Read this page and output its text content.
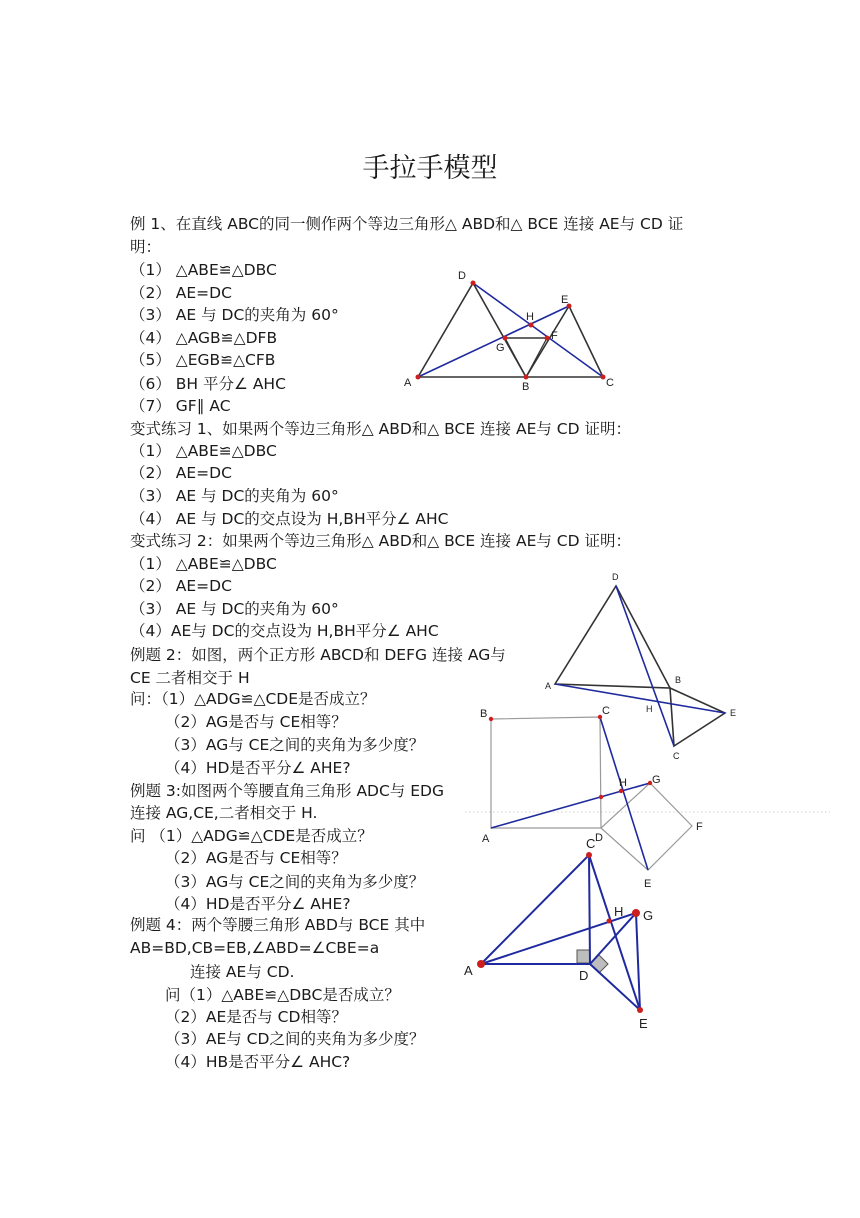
手拉手模型
例 1、在直线 ABC的同一侧作两个等边三角形△ ABD和△ BCE 连接 AE与 CD 证
明：
（1） △ABE≌△DBC
（2） AE=DC
（3） AE 与 DC的夹角为 60°
（4） △AGB≌△DFB
（5） △EGB≌△CFB
（6） BH 平分∠ AHC
（7） GF∥ AC
变式练习 1、如果两个等边三角形△ ABD和△ BCE 连接 AE与 CD 证明：
（1） △ABE≌△DBC
（2） AE=DC
（3） AE 与 DC的夹角为 60°
（4） AE 与 DC的交点设为 H,BH平分∠ AHC
变式练习 2：如果两个等边三角形△ ABD和△ BCE 连接 AE与 CD 证明：
（1） △ABE≌△DBC
（2） AE=DC
（3） AE 与 DC的夹角为 60°
（4）AE与 DC的交点设为 H,BH平分∠ AHC
例题 2：如图，两个正方形 ABCD和 DEFG 连接 AG与
CE 二者相交于 H
问：（1）△ADG≌△CDE是否成立？
（2）AG是否与 CE相等？
（3）AG与 CE之间的夹角为多少度？
（4）HD是否平分∠ AHE?
例题 3:如图两个等腰直角三角形 ADC与 EDG
连接 AG,CE,二者相交于 H.
问 （1）△ADG≌△CDE是否成立？
（2）AG是否与 CE相等？
（3）AG与 CE之间的夹角为多少度？
（4）HD是否平分∠ AHE?
例题 4：两个等腰三角形 ABD与 BCE 其中
AB=BD,CB=EB,∠ABD=∠CBE=a
连接 AE与 CD.
问（1）△ABE≌△DBC是否成立？
（2）AE是否与 CD相等？
（3）AE与 CD之间的夹角为多少度？
（4）HB是否平分∠ AHC?
D
E
H
F
G
A	B	C
D
A
B
H	E
C
B	C
H G
A	D
F
E
C
H G
A	D
E
